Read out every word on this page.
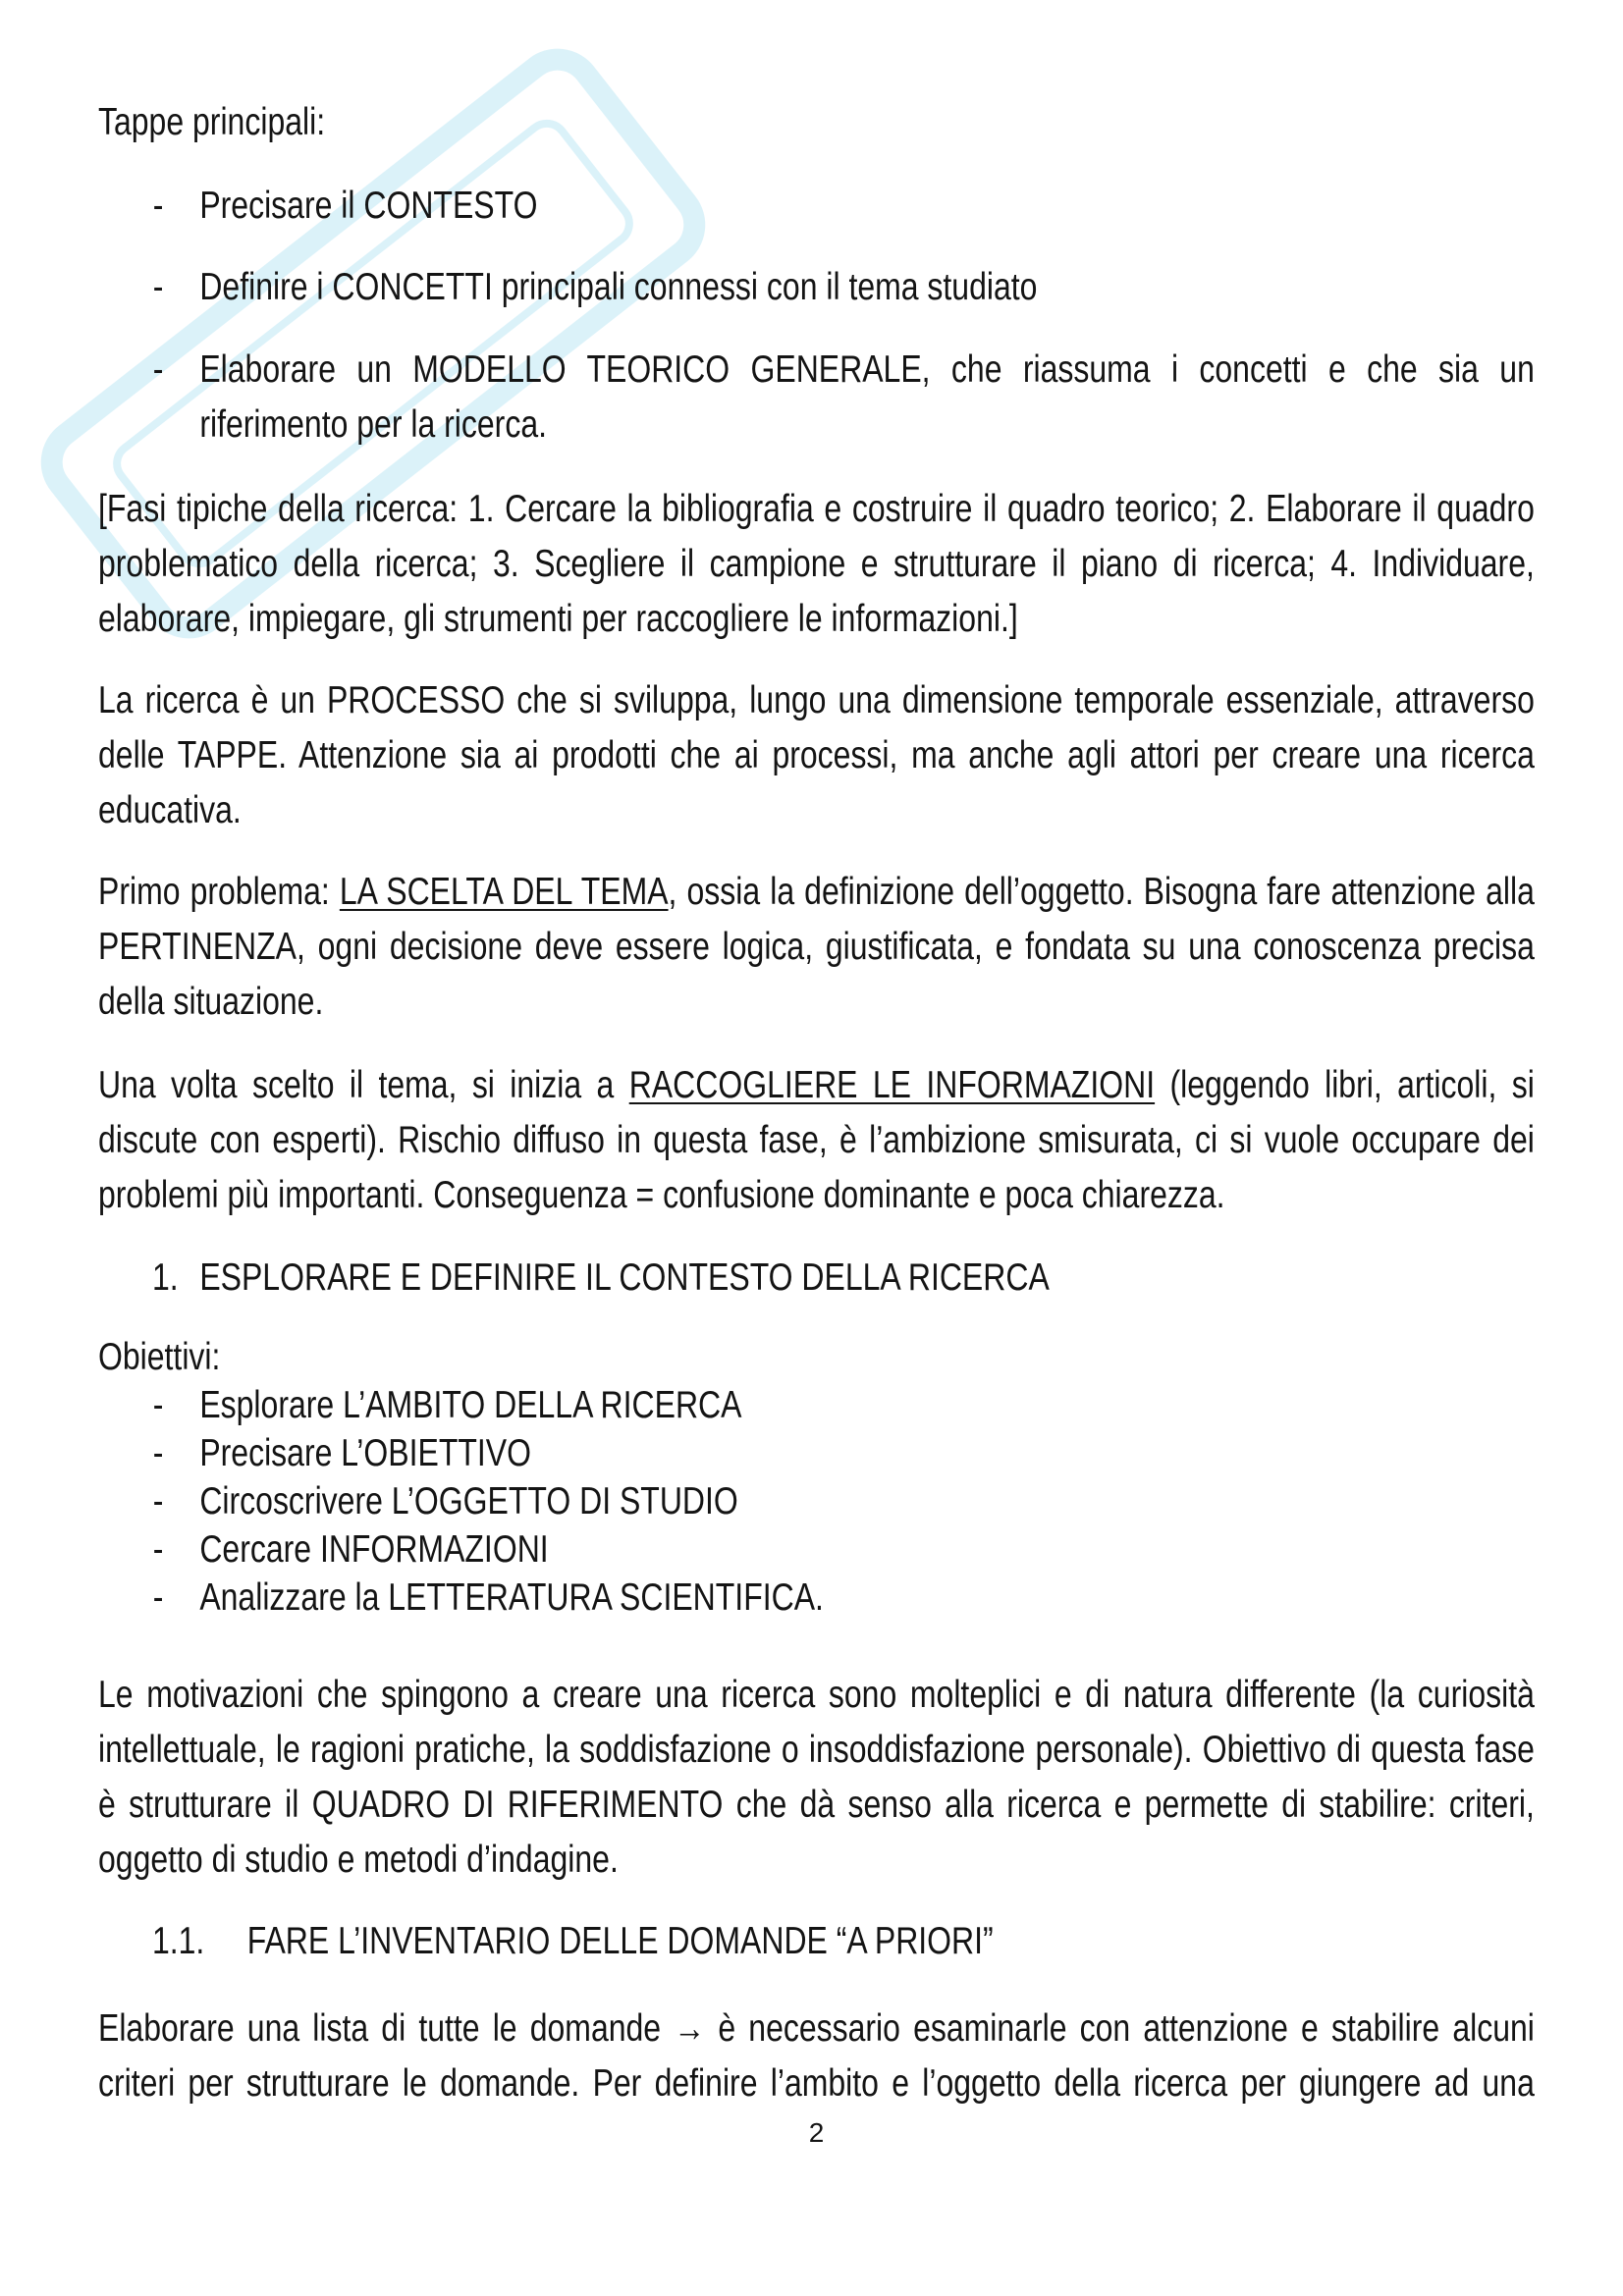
Tappe principali:
- Precisare il CONTESTO
- Definire i CONCETTI principali connessi con il tema studiato
- Elaborare un MODELLO TEORICO GENERALE, che riassuma i concetti e che sia un
riferimento per la ricerca.
[Fasi tipiche della ricerca: 1. Cercare la bibliografia e costruire il quadro teorico; 2. Elaborare il quadro
problematico della ricerca; 3. Scegliere il campione e strutturare il piano di ricerca; 4. Individuare,
elaborare, impiegare, gli strumenti per raccogliere le informazioni.]
La ricerca è un PROCESSO che si sviluppa, lungo una dimensione temporale essenziale, attraverso
delle TAPPE. Attenzione sia ai prodotti che ai processi, ma anche agli attori per creare una ricerca
educativa.
Primo problema: LA SCELTA DEL TEMA, ossia la definizione dell’oggetto. Bisogna fare attenzione alla
PERTINENZA, ogni decisione deve essere logica, giustificata, e fondata su una conoscenza precisa
della situazione.
Una volta scelto il tema, si inizia a RACCOGLIERE LE INFORMAZIONI (leggendo libri, articoli, si
discute con esperti). Rischio diffuso in questa fase, è l’ambizione smisurata, ci si vuole occupare dei
problemi più importanti. Conseguenza = confusione dominante e poca chiarezza.
1. ESPLORARE E DEFINIRE IL CONTESTO DELLA RICERCA
Obiettivi:
- Esplorare L’AMBITO DELLA RICERCA
- Precisare L’OBIETTIVO
- Circoscrivere L’OGGETTO DI STUDIO
- Cercare INFORMAZIONI
- Analizzare la LETTERATURA SCIENTIFICA.
Le motivazioni che spingono a creare una ricerca sono molteplici e di natura differente (la curiosità
intellettuale, le ragioni pratiche, la soddisfazione o insoddisfazione personale). Obiettivo di questa fase
è strutturare il QUADRO DI RIFERIMENTO che dà senso alla ricerca e permette di stabilire: criteri,
oggetto di studio e metodi d’indagine.
1.1. FARE L’INVENTARIO DELLE DOMANDE “A PRIORI”
Elaborare una lista di tutte le domande → è necessario esaminarle con attenzione e stabilire alcuni
criteri per strutturare le domande. Per definire l’ambito e l’oggetto della ricerca per giungere ad una
2
